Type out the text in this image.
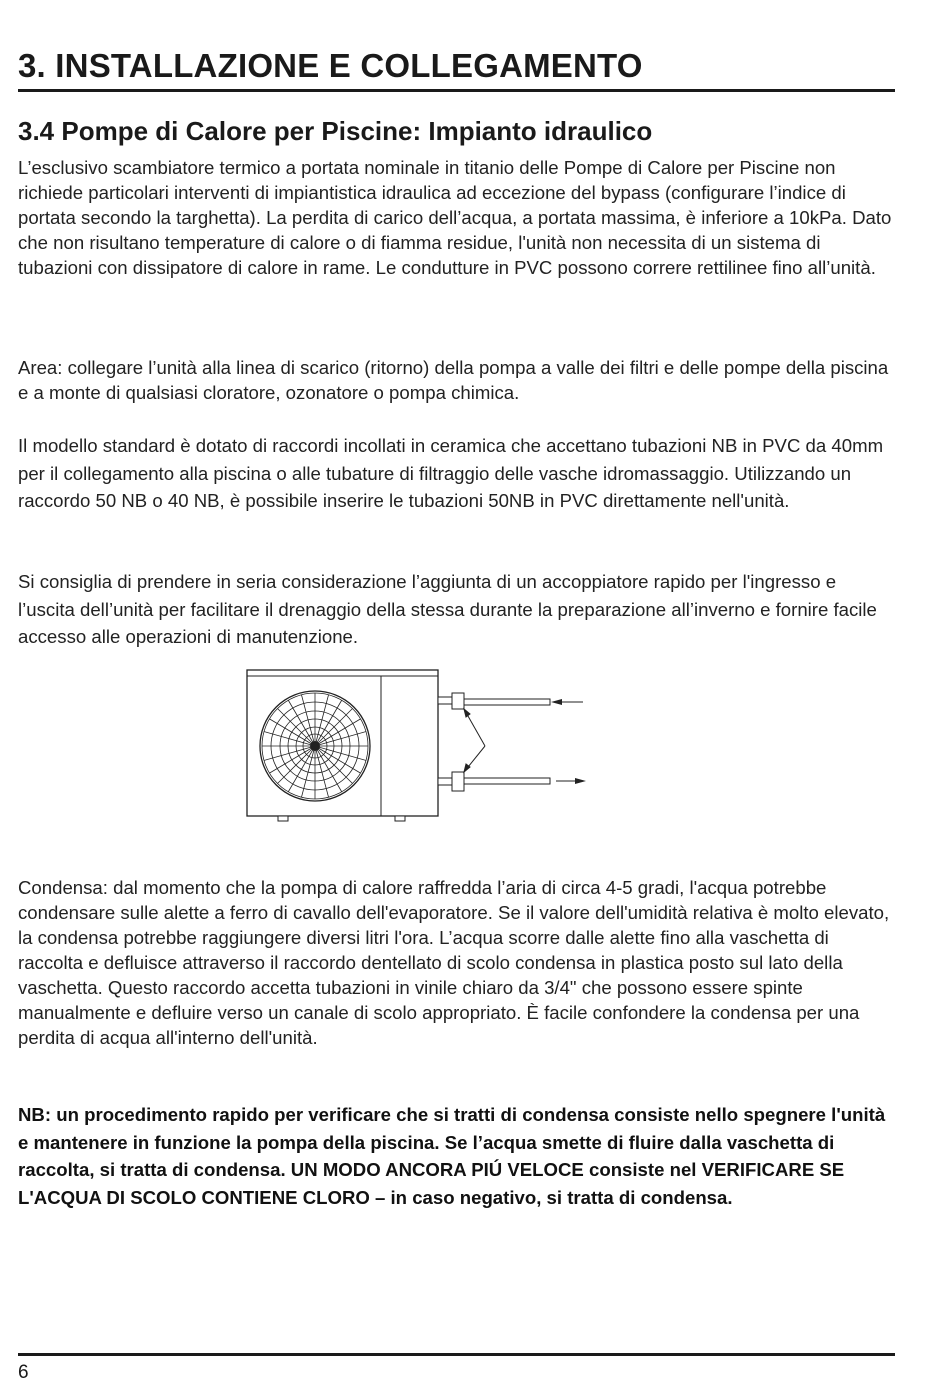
3. INSTALLAZIONE E COLLEGAMENTO
3.4 Pompe di Calore per Piscine: Impianto idraulico

L’esclusivo scambiatore termico a portata nominale in titanio delle Pompe di Calore per Piscine non richiede particolari interventi di impiantistica idraulica ad eccezione del bypass (configurare l’indice di portata secondo la targhetta). La perdita di carico dell’acqua, a portata massima, è inferiore a 10kPa. Dato che non risultano temperature di calore o di fiamma residue, l'unità non necessita di un sistema di tubazioni con dissipatore di calore in rame. Le condutture in PVC possono correre rettilinee fino all’unità.

Area: collegare l’unità alla linea di scarico (ritorno) della pompa a valle dei filtri e delle pompe della piscina e a monte di qualsiasi cloratore, ozonatore o pompa chimica.

Il modello standard è dotato di raccordi incollati in ceramica che accettano tubazioni NB in PVC da 40mm per il collegamento alla piscina o alle tubature di filtraggio delle vasche idromassaggio. Utilizzando un raccordo 50 NB o 40 NB, è possibile inserire le tubazioni 50NB in PVC direttamente nell'unità.

Si consiglia di prendere in seria considerazione l’aggiunta di un accoppiatore rapido per l'ingresso e l’uscita dell’unità per facilitare il drenaggio della stessa durante la preparazione all’inverno e fornire facile accesso alle operazioni di manutenzione.

Condensa: dal momento che la pompa di calore raffredda l’aria di circa 4-5 gradi, l'acqua potrebbe condensare sulle alette a ferro di cavallo dell'evaporatore. Se il valore dell'umidità relativa è molto elevato, la condensa potrebbe raggiungere diversi litri l'ora. L’acqua scorre dalle alette fino alla vaschetta di raccolta e defluisce attraverso il raccordo dentellato di scolo condensa in plastica posto sul lato della vaschetta. Questo raccordo accetta tubazioni in vinile chiaro da 3/4" che possono essere spinte manualmente e defluire verso un canale di scolo appropriato. È facile confondere la condensa per una perdita di acqua all'interno dell'unità.

NB: un procedimento rapido per verificare che si tratti di condensa consiste nello spegnere l'unità e mantenere in funzione la pompa della piscina. Se l’acqua smette di fluire dalla vaschetta di raccolta, si tratta di condensa. UN MODO ANCORA PIÚ VELOCE consiste nel VERIFICARE SE L'ACQUA DI SCOLO CONTIENE CLORO – in caso negativo, si tratta di condensa.

6
